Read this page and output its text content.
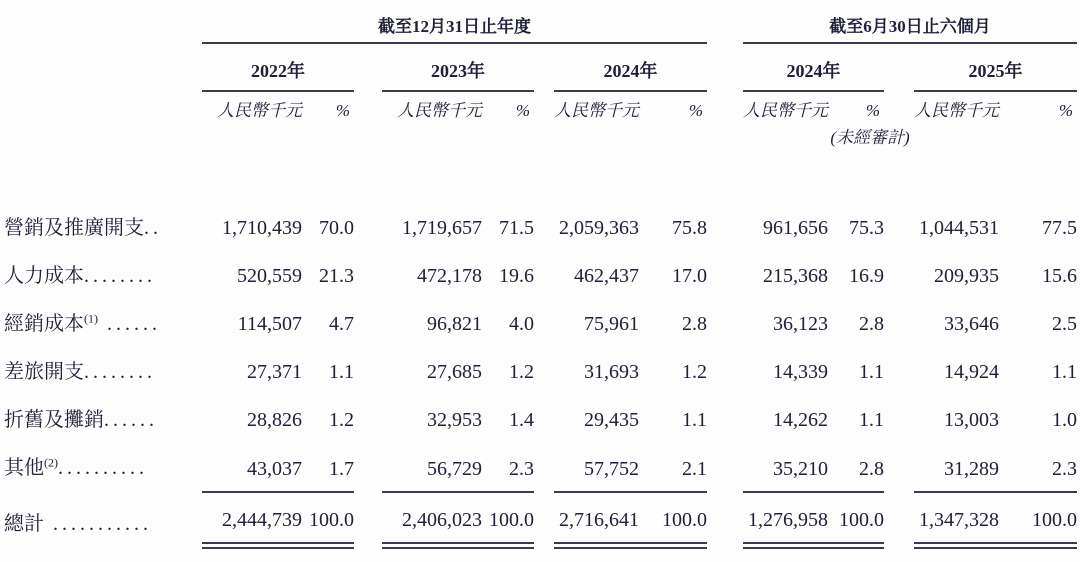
		截至12月31日止年度									截至6月30日止六個月				
		2022年			2023年			2024年			2024年			2025年	
		人民幣千元	%		人民幣千元	%		人民幣千元	%		人民幣千元	%		人民幣千元	%
											(未經審計)				

營銷及推廣開支..		1,710,439	70.0		1,719,657	71.5		2,059,363	75.8		961,656	75.3		1,044,531	77.5
人力成本........		520,559	21.3		472,178	19.6		462,437	17.0		215,368	16.9		209,935	15.6
經銷成本$^{(1)}$ ......		114,507	4.7		96,821	4.0		75,961	2.8		36,123	2.8		33,646	2.5
差旅開支........		27,371	1.1		27,685	1.2		31,693	1.2		14,339	1.1		14,924	1.1
折舊及攤銷......		28,826	1.2		32,953	1.4		29,435	1.1		14,262	1.1		13,003	1.0
其他$^{(2)}$..........		43,037	1.7		56,729	2.3		57,752	2.1		35,210	2.8		31,289	2.3
總計 ...........		2,444,739	100.0		2,406,023	100.0		2,716,641	100.0		1,276,958	100.0		1,347,328	100.0
